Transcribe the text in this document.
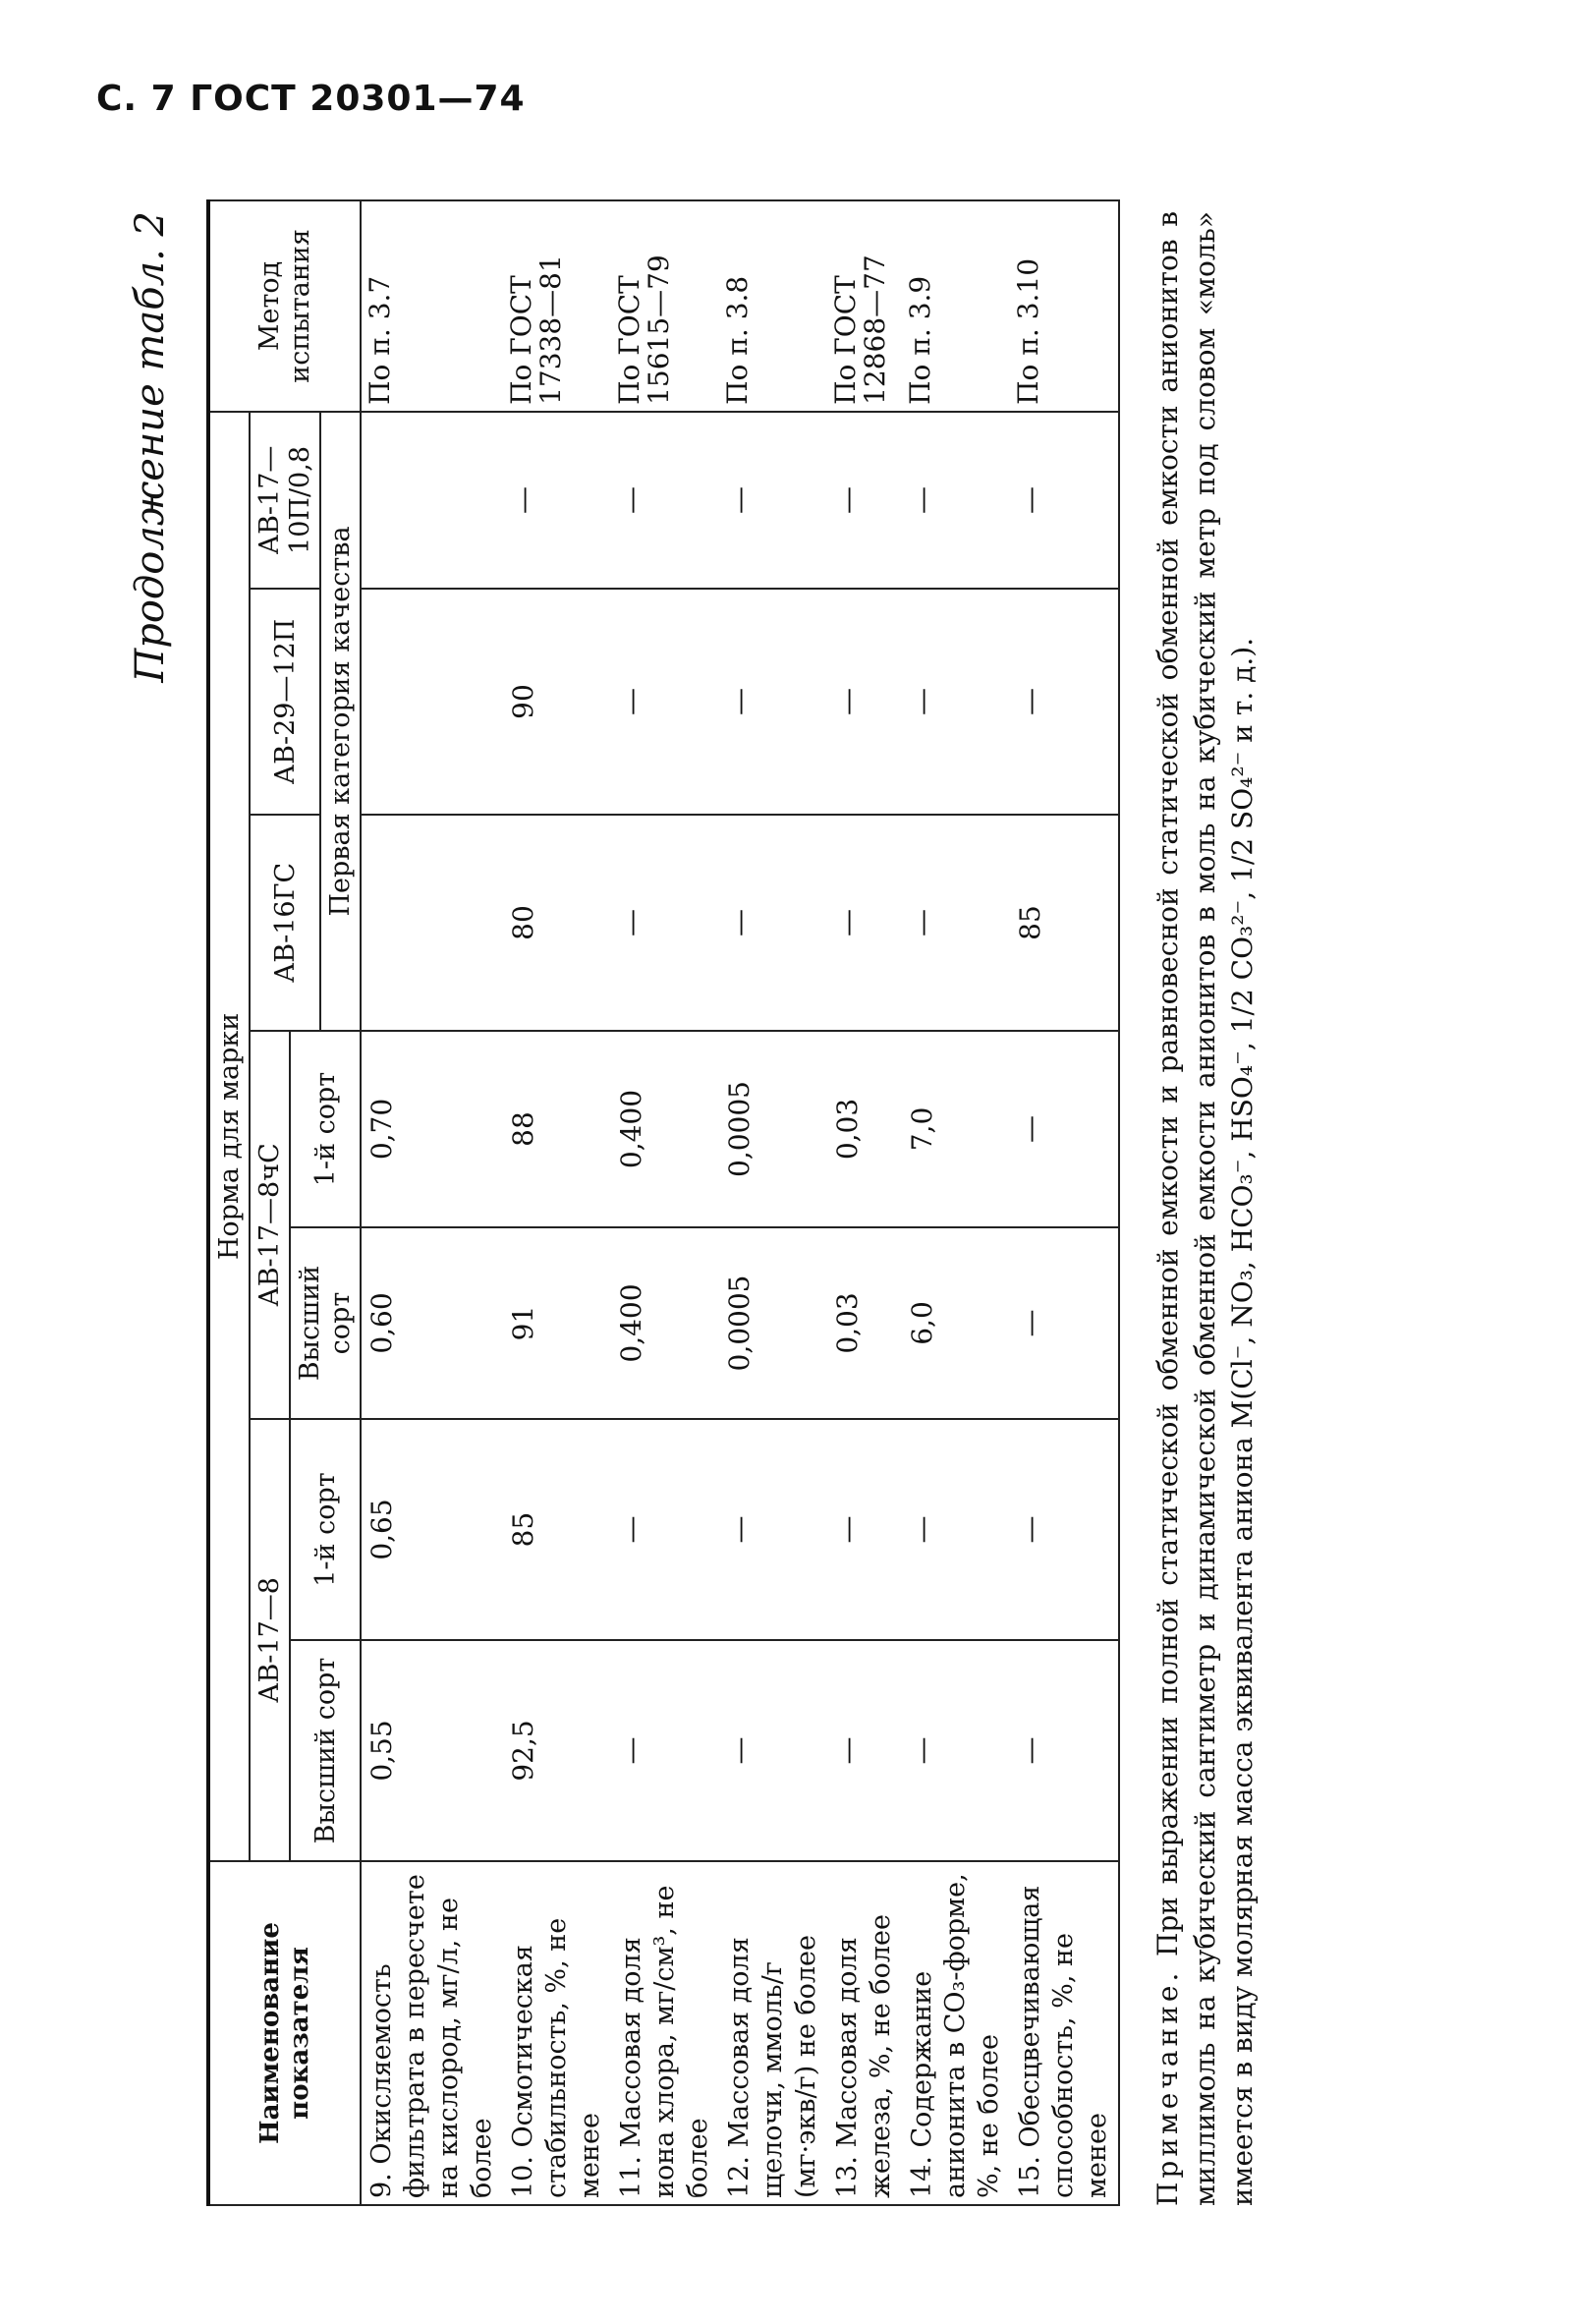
С. 7 ГОСТ 20301—74
Продолжение табл. 2
Наименование показателя	Норма для марки							Метод испытания
	АВ-17—8		АВ-17—8чС		АВ-16ГС	АВ-29—12П	АВ-17—10П/0,8	
	Высший сорт	1-й сорт	Высший сорт	1-й сорт				
					Первая категория качества			
9. Окисляемость фильтрата в пересчете на кислород, мг/л, не более	0,55	0,65	0,60	0,70				По п. 3.7
10. Осмотическая стабильность, %, не менее	92,5	85	91	88	80	90	—	По ГОСТ 17338—81
11. Массовая доля иона хлора, мг/см³, не более	—	—	0,400	0,400	—	—	—	По ГОСТ 15615—79
12. Массовая доля щелочи, ммоль/г (мг·экв/г) не более	—	—	0,0005	0,0005	—	—	—	По п. 3.8
13. Массовая доля железа, %, не более	—	—	0,03	0,03	—	—	—	По ГОСТ 12868—77
14. Содержание анионита в CO₃-форме, %, не более	—	—	6,0	7,0	—	—	—	По п. 3.9
15. Обесцвечивающая способность, %, не менее	—	—	—	—	85	—	—	По п. 3.10
Примечание. При выражении полной статической обменной емкости и равновесной статической обменной емкости анионитов в миллимоль на кубический сантиметр и динамической обменной емкости анионитов в моль на кубический метр под словом «моль» имеется в виду молярная масса эквивалента аниона M(Cl⁻, NO₃, HCO₃⁻, HSO₄⁻, 1/2 CO₃²⁻, 1/2 SO₄²⁻ и т. д.).
